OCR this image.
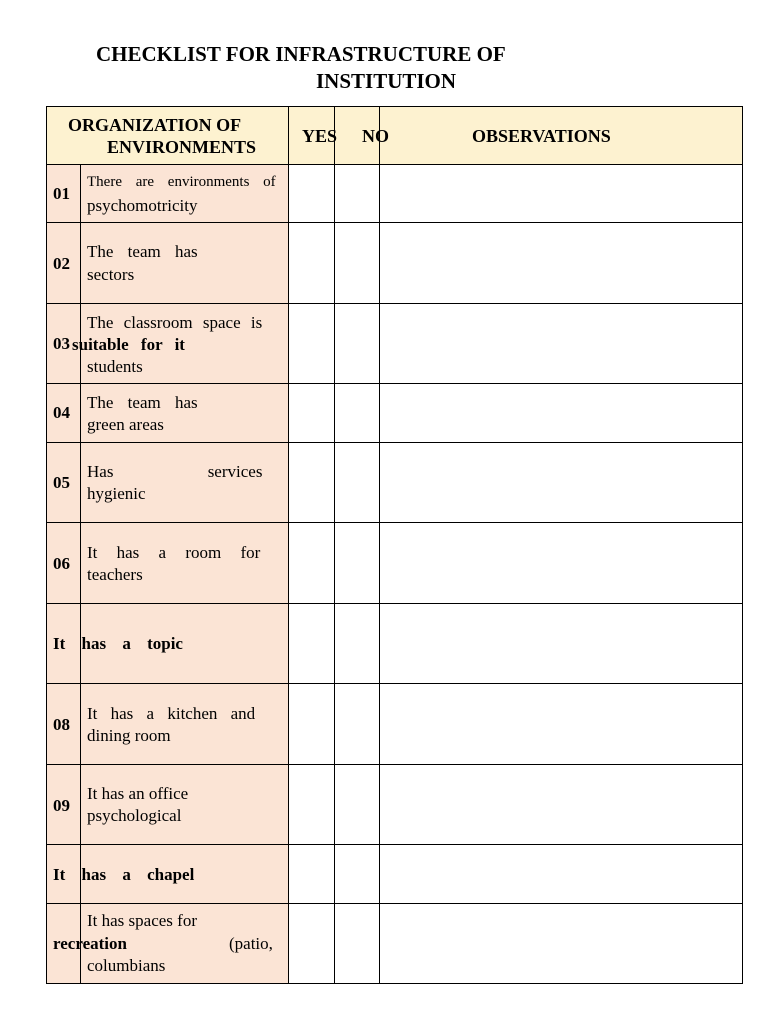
CHECKLIST FOR INFRASTRUCTURE OF
INSTITUTION
ORGANIZATION OF
ENVIRONMENTS
YES NO	OBSERVATIONS
01
There are environments of
psychomotricity
02
The team has
sectors
The classroom space is
03 suitable for it
students
04
The team has
green areas
05
Has services
hygienic
06
It has a room for
teachers
It has a topic
08
It has a kitchen and
dining room
09
It has an office
psychological
It has a chapel
It has spaces for
recreation	(patio,
columbians
